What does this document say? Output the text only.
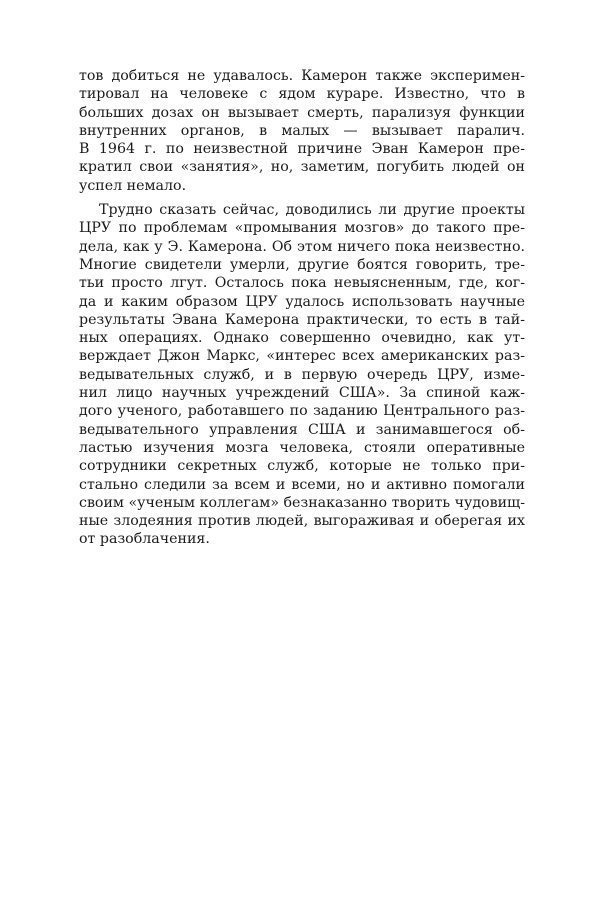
тов добиться не удавалось. Камерон также эксперимен-
тировал на человеке с ядом кураре. Известно, что в
больших дозах он вызывает смерть, парализуя функции
внутренних органов, в малых — вызывает паралич.
В 1964 г. по неизвестной причине Эван Камерон пре-
кратил свои «занятия», но, заметим, погубить людей он
успел немало.
Трудно сказать сейчас, доводились ли другие проекты
ЦРУ по проблемам «промывания мозгов» до такого пре-
дела, как у Э. Камерона. Об этом ничего пока неизвестно.
Многие свидетели умерли, другие боятся говорить, тре-
тьи просто лгут. Осталось пока невыясненным, где, ког-
да и каким образом ЦРУ удалось использовать научные
результаты Эвана Камерона практически, то есть в тай-
ных операциях. Однако совершенно очевидно, как ут-
верждает Джон Маркс, «интерес всех американских раз-
ведывательных служб, и в первую очередь ЦРУ, изме-
нил лицо научных учреждений США». За спиной каж-
дого ученого, работавшего по заданию Центрального раз-
ведывательного управления США и занимавшегося об-
ластью изучения мозга человека, стояли оперативные
сотрудники секретных служб, которые не только при-
стально следили за всем и всеми, но и активно помогали
своим «ученым коллегам» безнаказанно творить чудовищ-
ные злодеяния против людей, выгораживая и оберегая их
от разоблачения.
